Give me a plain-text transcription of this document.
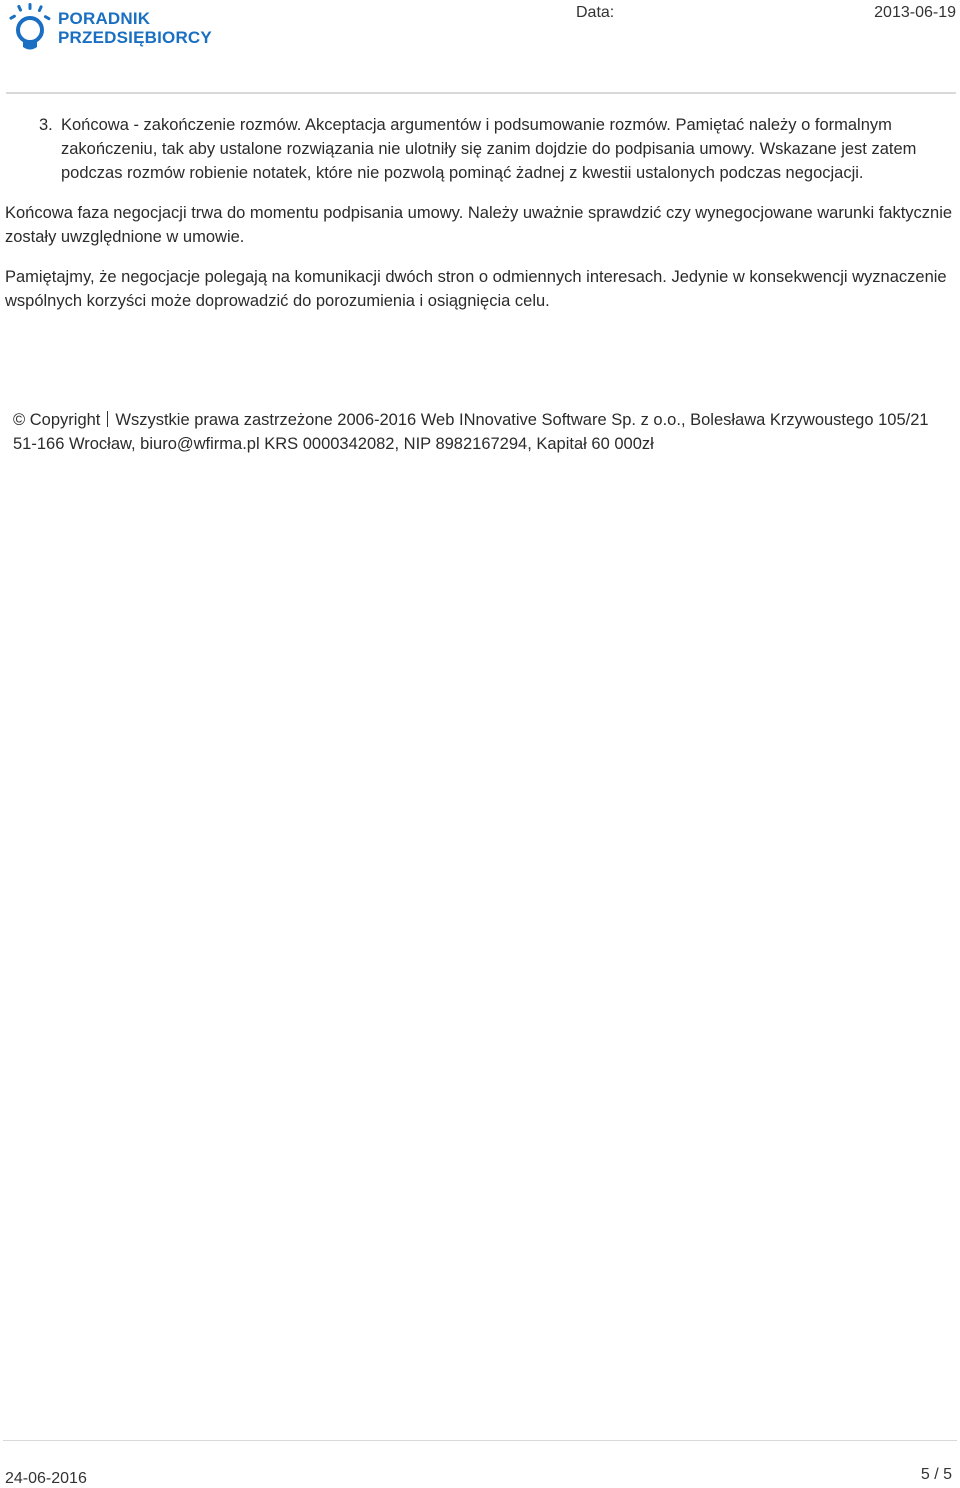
PORADNIK
PRZEDSIĘBIORCY
Data:	2013-06-19
3. Końcowa - zakończenie rozmów. Akceptacja argumentów i podsumowanie rozmów. Pamiętać należy o formalnym zakończeniu, tak aby ustalone rozwiązania nie ulotniły się zanim dojdzie do podpisania umowy. Wskazane jest zatem podczas rozmów robienie notatek, które nie pozwolą pominąć żadnej z kwestii ustalonych podczas negocjacji.

Końcowa faza negocjacji trwa do momentu podpisania umowy. Należy uważnie sprawdzić czy wynegocjowane warunki faktycznie zostały uwzględnione w umowie.

Pamiętajmy, że negocjacje polegają na komunikacji dwóch stron o odmiennych interesach. Jedynie w konsekwencji wyznaczenie wspólnych korzyści może doprowadzić do porozumienia i osiągnięcia celu.

© Copyright Wszystkie prawa zastrzeżone 2006-2016 Web INnovative Software Sp. z o.o., Bolesława Krzywoustego 105/21 51-166 Wrocław, biuro@wfirma.pl KRS 0000342082, NIP 8982167294, Kapitał 60 000zł
24-06-2016	5 / 5
